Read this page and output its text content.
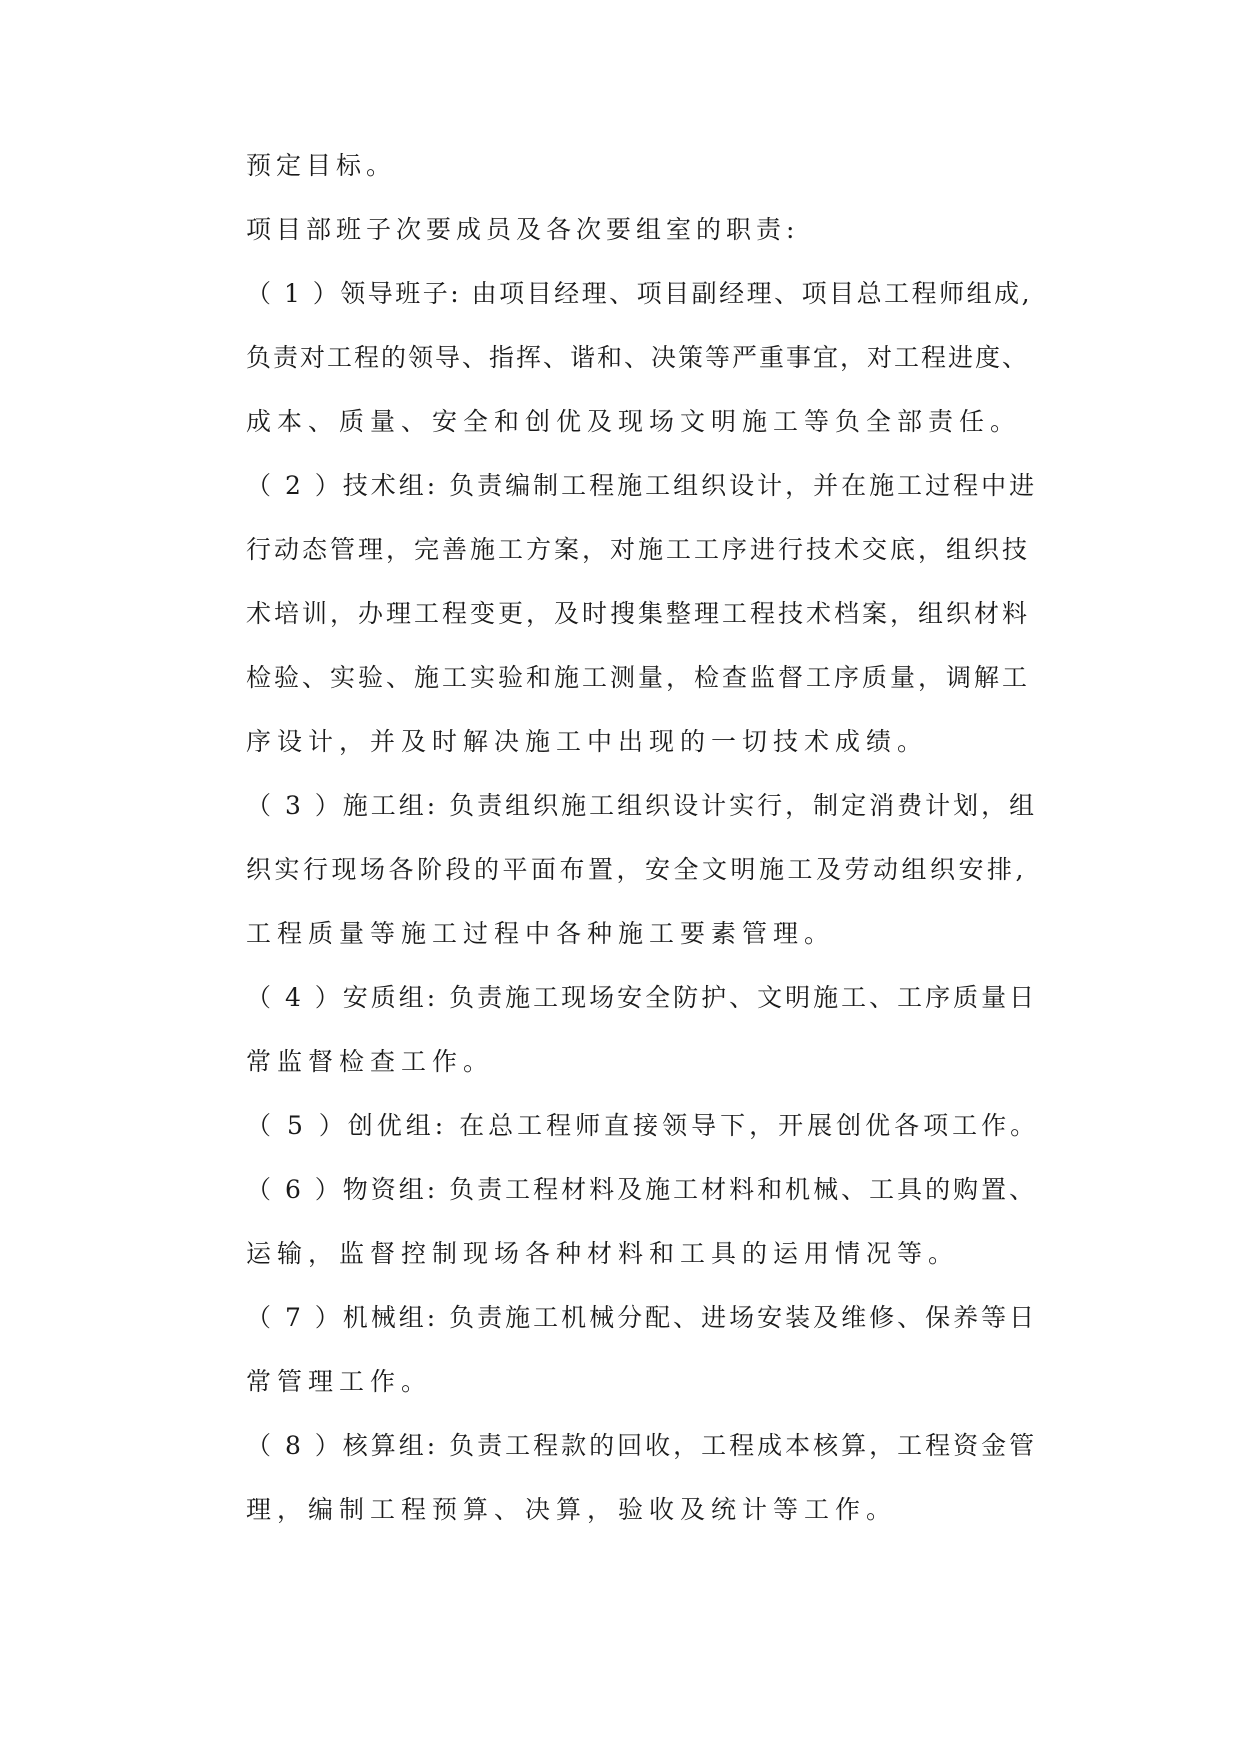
预定目标。
项目部班子次要成员及各次要组室的职责:
（ 1 ）领导班子: 由项目经理、项目副经理、项目总工程师组成,
负责对工程的领导、指挥、谐和、决策等严重事宜，对工程进度、
成本、质量、安全和创优及现场文明施工等负全部责任。
（ 2 ）技术组: 负责编制工程施工组织设计，并在施工过程中进
行动态管理，完善施工方案，对施工工序进行技术交底，组织技
术培训，办理工程变更，及时搜集整理工程技术档案，组织材料
检验、实验、施工实验和施工测量，检查监督工序质量，调解工
序设计，并及时解决施工中出现的一切技术成绩。
（ 3 ）施工组: 负责组织施工组织设计实行，制定消费计划，组
织实行现场各阶段的平面布置，安全文明施工及劳动组织安排,
工程质量等施工过程中各种施工要素管理。
（ 4 ）安质组: 负责施工现场安全防护、文明施工、工序质量日
常监督检查工作。
（ 5 ）创优组: 在总工程师直接领导下，开展创优各项工作。
（ 6 ）物资组: 负责工程材料及施工材料和机械、工具的购置、
运输，监督控制现场各种材料和工具的运用情况等。
（ 7 ）机械组: 负责施工机械分配、进场安装及维修、保养等日
常管理工作。
（ 8 ）核算组: 负责工程款的回收，工程成本核算，工程资金管
理，编制工程预算、决算，验收及统计等工作。
